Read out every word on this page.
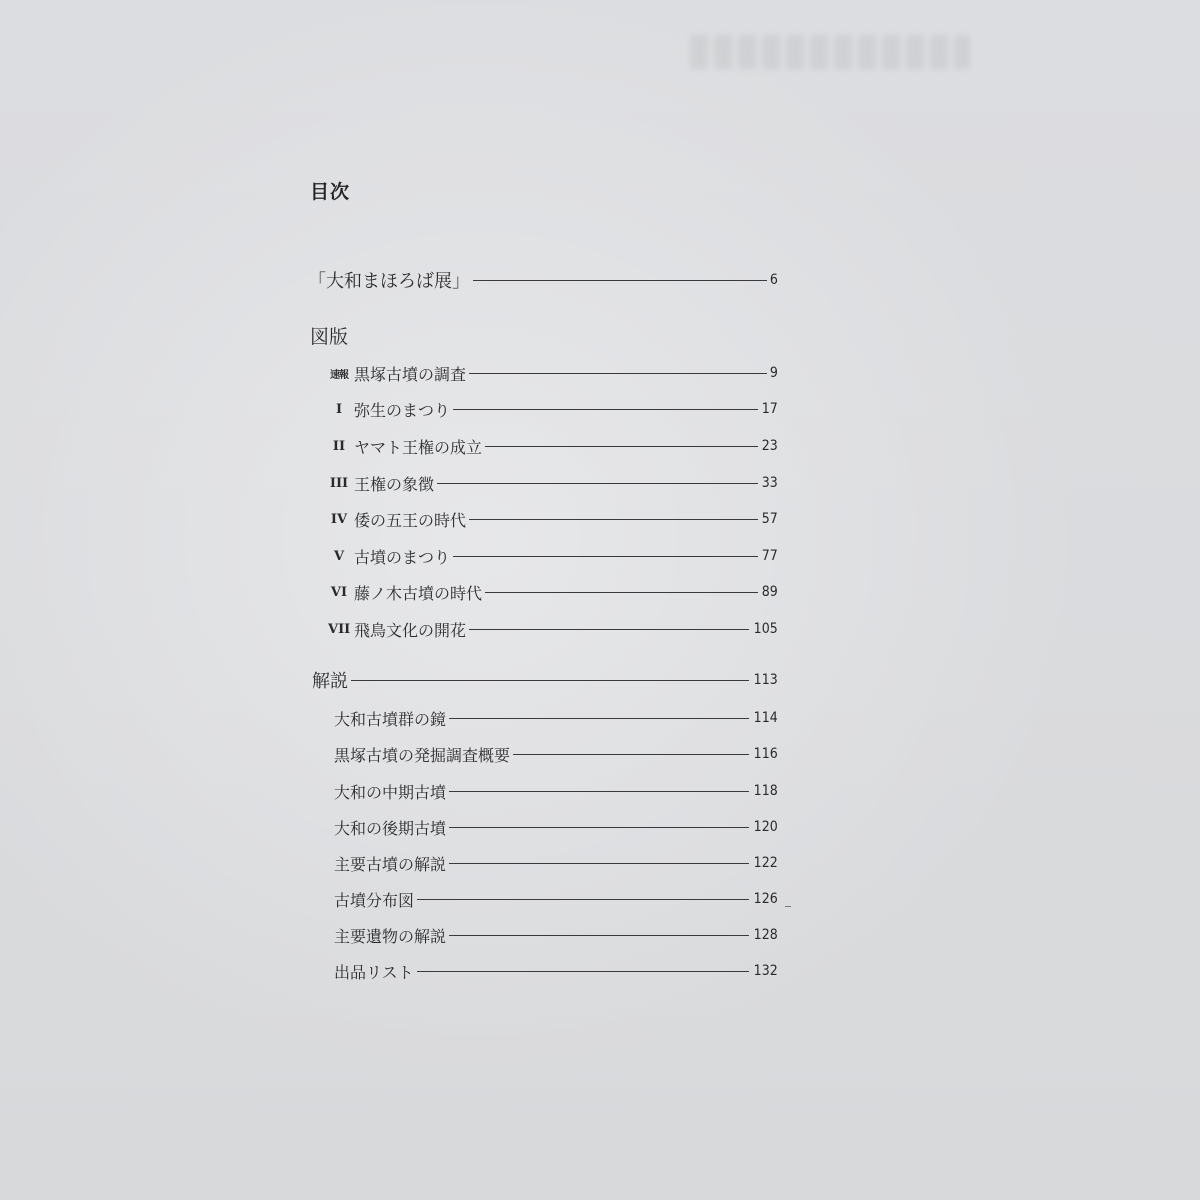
目次
「大和まほろば展」	6
図版
速報 黒塚古墳の調査	9
I 弥生のまつり	17
II ヤマト王権の成立	23
III 王権の象徴	33
IV 倭の五王の時代	57
V 古墳のまつり	77
VI 藤ノ木古墳の時代	89
VII 飛鳥文化の開花	105
解説	113
大和古墳群の鏡	114
黒塚古墳の発掘調査概要	116
大和の中期古墳	118
大和の後期古墳	120
主要古墳の解説	122
古墳分布図	126
主要遺物の解説	128
出品リスト	132
